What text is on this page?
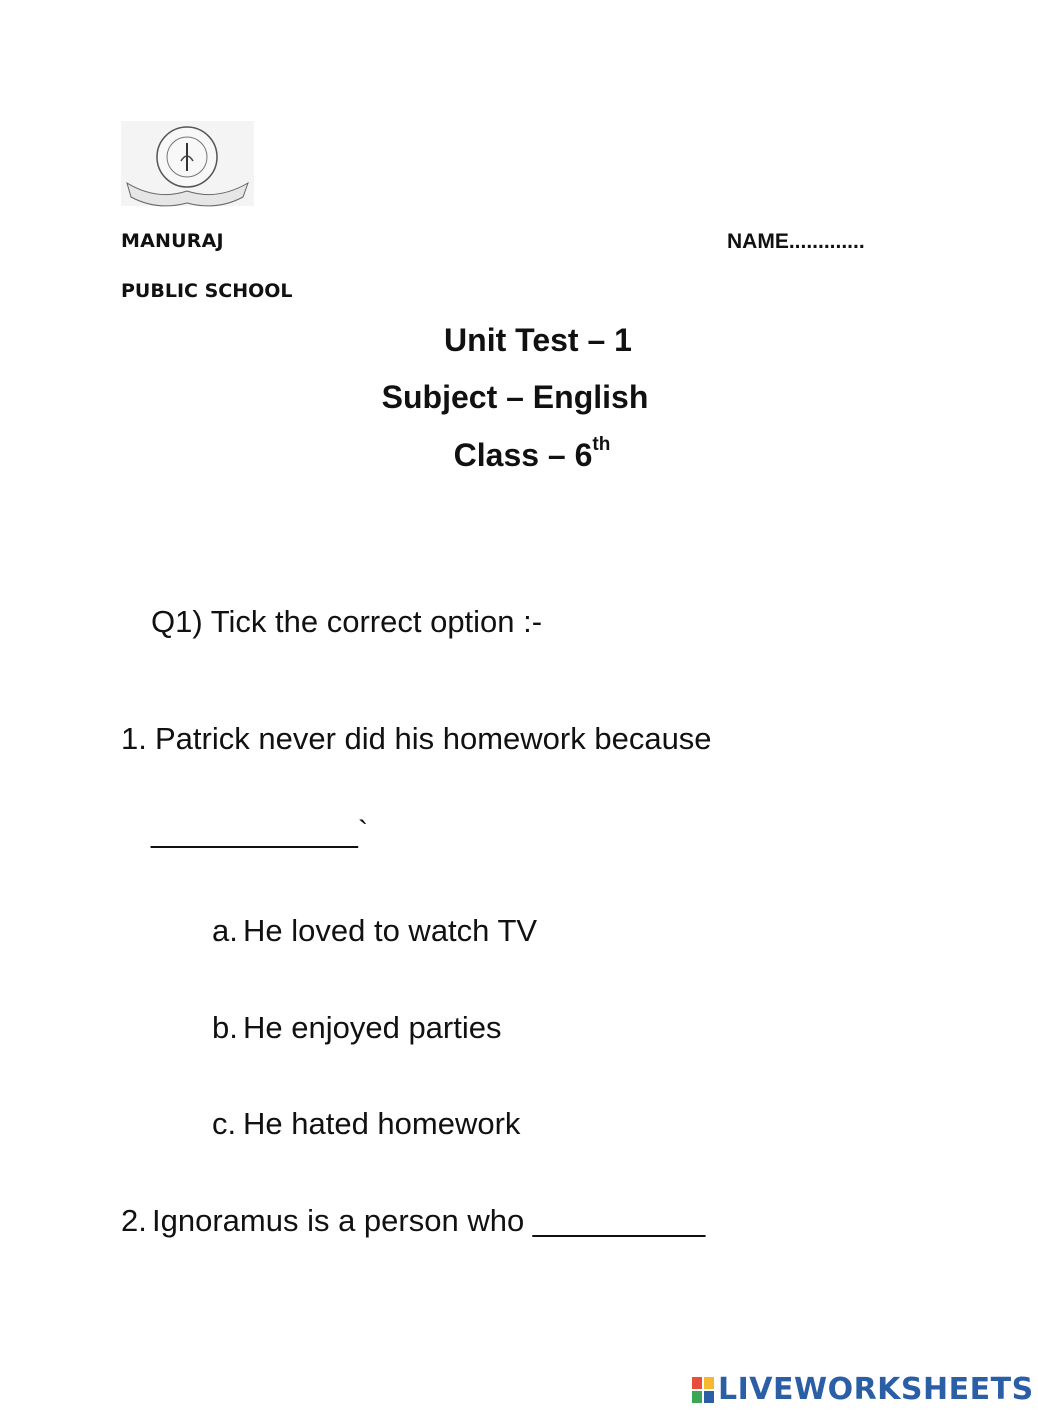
MANURAJ
PUBLIC SCHOOL
NAME.............
Unit Test – 1
Subject – English
Class – 6th
Q1) Tick the correct option :-
1. Patrick never did his homework because
____________`
a. He loved to watch TV
b. He enjoyed parties
c. He hated homework
2. Ignoramus is a person who __________
LIVEWORKSHEETS
